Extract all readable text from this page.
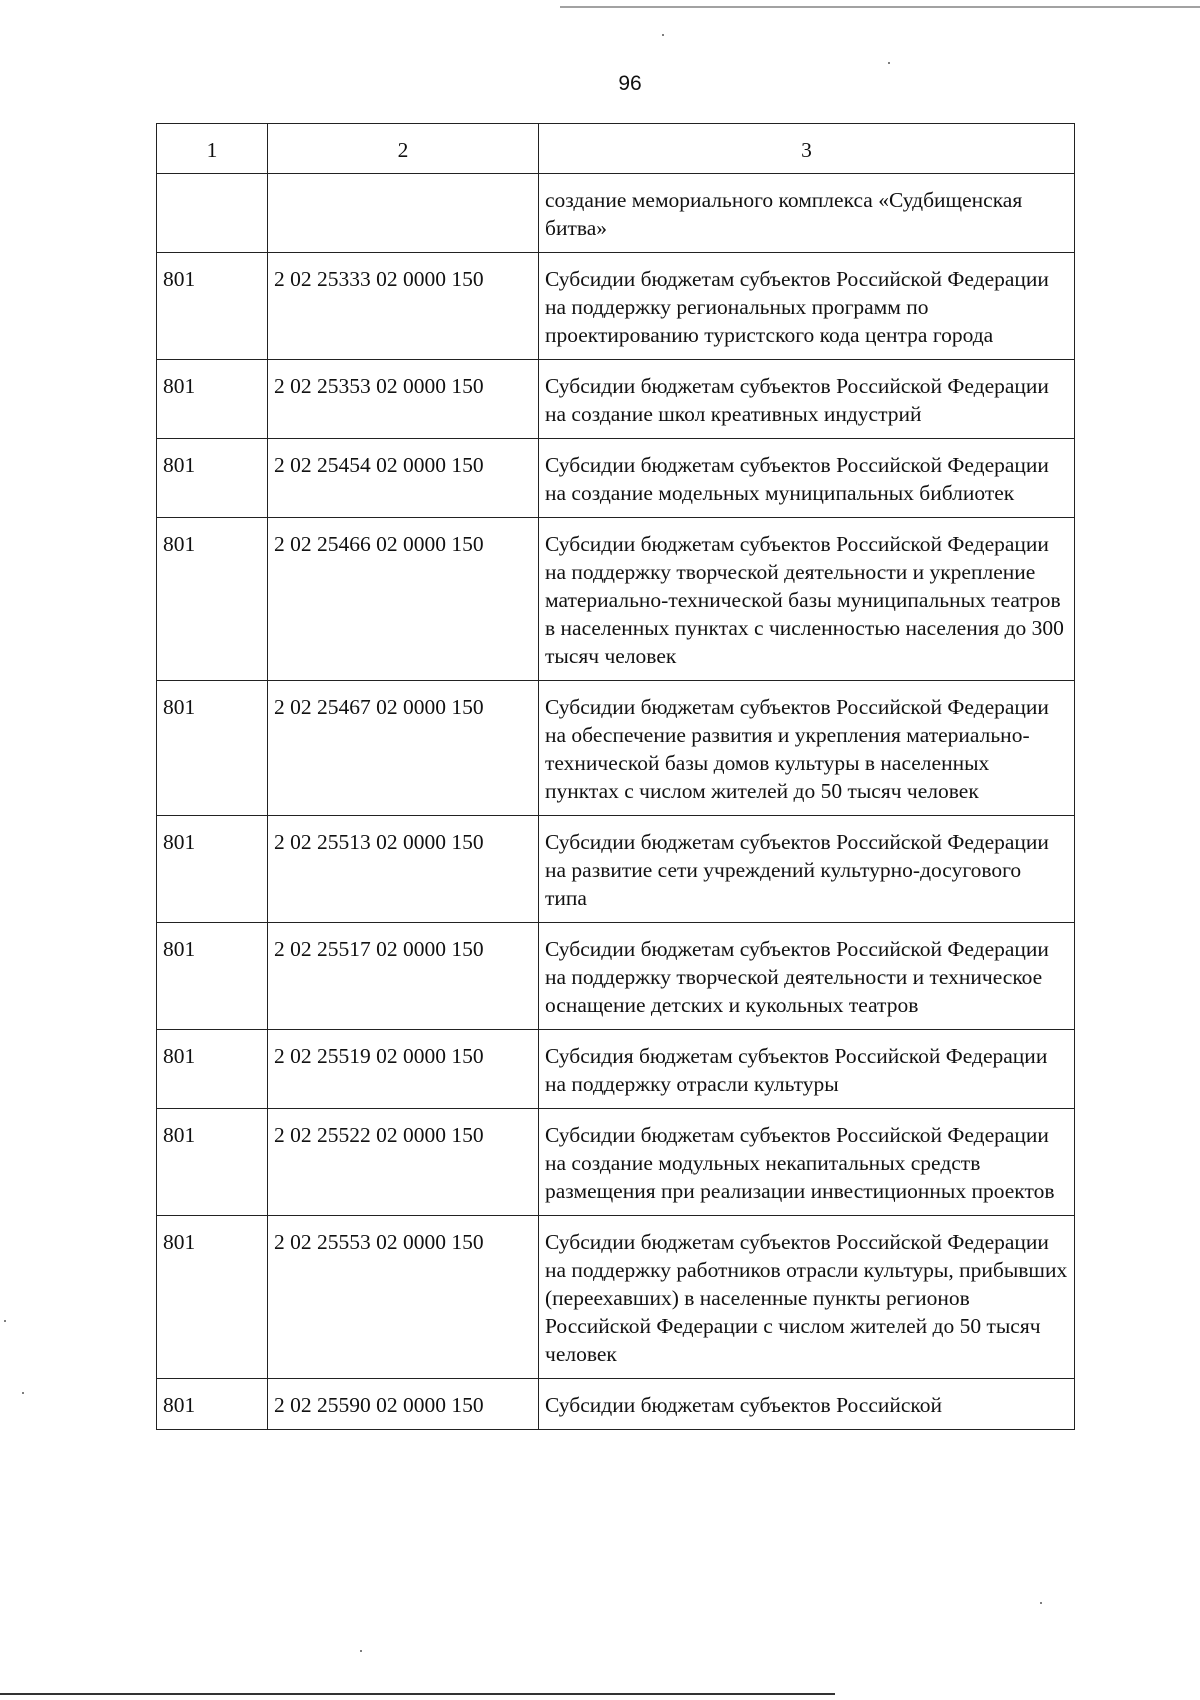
96
1	2	3
		создание мемориального комплекса «Судбищенская битва»
801	2 02 25333 02 0000 150	Субсидии бюджетам субъектов Российской Федерации на поддержку региональных программ по проектированию туристского кода центра города
801	2 02 25353 02 0000 150	Субсидии бюджетам субъектов Российской Федерации на создание школ креативных индустрий
801	2 02 25454 02 0000 150	Субсидии бюджетам субъектов Российской Федерации на создание модельных муниципальных библиотек
801	2 02 25466 02 0000 150	Субсидии бюджетам субъектов Российской Федерации на поддержку творческой деятельности и укрепление материально-технической базы муниципальных театров в населенных пунктах с численностью населения до 300 тысяч человек
801	2 02 25467 02 0000 150	Субсидии бюджетам субъектов Российской Федерации на обеспечение развития и укрепления материально-технической базы домов культуры в населенных пунктах с числом жителей до 50 тысяч человек
801	2 02 25513 02 0000 150	Субсидии бюджетам субъектов Российской Федерации на развитие сети учреждений культурно-досугового типа
801	2 02 25517 02 0000 150	Субсидии бюджетам субъектов Российской Федерации на поддержку творческой деятельности и техническое оснащение детских и кукольных театров
801	2 02 25519 02 0000 150	Субсидия бюджетам субъектов Российской Федерации на поддержку отрасли культуры
801	2 02 25522 02 0000 150	Субсидии бюджетам субъектов Российской Федерации на создание модульных некапитальных средств размещения при реализации инвестиционных проектов
801	2 02 25553 02 0000 150	Субсидии бюджетам субъектов Российской Федерации на поддержку работников отрасли культуры, прибывших (переехавших) в населенные пункты регионов Российской Федерации с числом жителей до 50 тысяч человек
801	2 02 25590 02 0000 150	Субсидии бюджетам субъектов Российской
